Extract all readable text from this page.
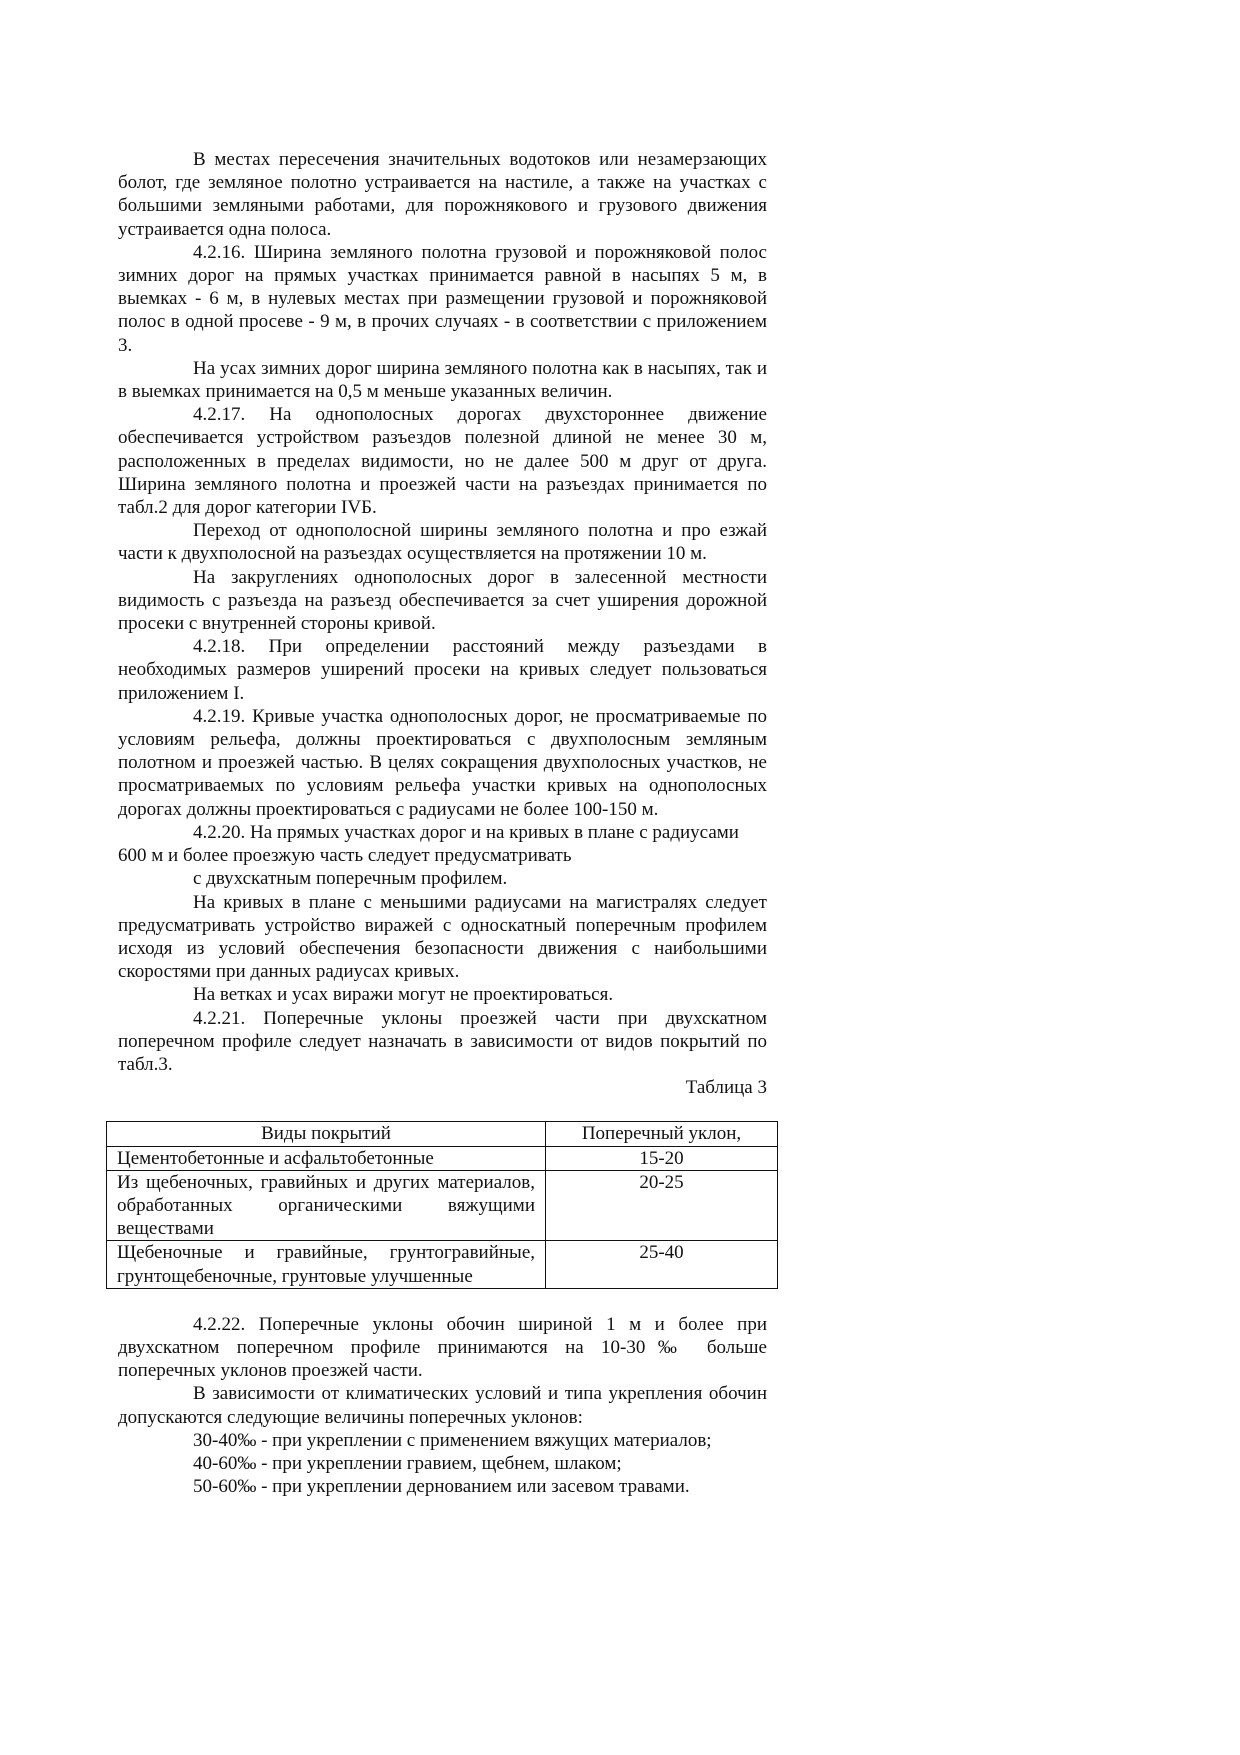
В местах пересечения значительных водотоков или незамерзающих болот, где земляное полотно устраивается на настиле, а также на участках с большими земляными работами, для порожнякового и грузового движения устраивается одна полоса.

4.2.16. Ширина земляного полотна грузовой и порожняковой полос зимних дорог на прямых участках принимается равной в насыпях 5 м, в выемках - 6 м, в нулевых местах при размещении грузовой и порожняковой полос в одной просеве - 9 м, в прочих случаях - в соответствии с приложением 3.

На усах зимних дорог ширина земляного полотна как в насыпях, так и в выемках принимается на 0,5 м меньше указанных величин.

4.2.17. На однополосных дорогах двухстороннее движение обеспечивается устройством разъездов полезной длиной не менее 30 м, расположенных в пределах видимости, но не далее 500 м друг от друга. Ширина земляного полотна и проезжей части на разъездах принимается по табл.2 для дорог категории IVБ.

Переход от однополосной ширины земляного полотна и про езжай части к двухполосной на разъездах осуществляется на протяжении 10 м.

На закруглениях однополосных дорог в залесенной местности видимость с разъезда на разъезд обеспечивается за счет уширения дорожной просеки с внутренней стороны кривой.

4.2.18. При определении расстояний между разъездами в необходимых размеров уширений просеки на кривых следует пользоваться приложением I.

4.2.19. Кривые участка однополосных дорог, не просматриваемые по условиям рельефа, должны проектироваться с двухполосным земляным полотном и проезжей частью. В целях сокращения двухполосных участков, не просматриваемых по условиям рельефа участки кривых на однополосных дорогах должны проектироваться с радиусами не более 100-150 м.

4.2.20. На прямых участках дорог и на кривых в плане с радиусами 600 м и более проезжую часть следует предусматривать

с двухскатным поперечным профилем.

На кривых в плане с меньшими радиусами на магистралях следует предусматривать устройство виражей с односкатный поперечным профилем исходя из условий обеспечения безопасности движения с наибольшими скоростями при данных радиусах кривых.

На ветках и усах виражи могут не проектироваться.

4.2.21. Поперечные уклоны проезжей части при двухскатном поперечном профиле следует назначать в зависимости от видов покрытий по табл.3.

Таблица 3

Виды покрытий	Поперечный уклон,
Цементобетонные и асфальтобетонные	15-20
Из щебеночных, гравийных и других материалов, обработанных органическими вяжущими веществами	20-25
Щебеночные и гравийные, грунтогравийные, грунтощебеночные, грунтовые улучшенные	25-40

4.2.22. Поперечные уклоны обочин шириной 1 м и более при двухскатном поперечном профиле принимаются на 10-30‰ больше поперечных уклонов проезжей части.

В зависимости от климатических условий и типа укрепления обочин допускаются следующие величины поперечных уклонов:

30-40‰ - при укреплении с применением вяжущих материалов;

40-60‰ - при укреплении гравием, щебнем, шлаком;

50-60‰ - при укреплении дернованием или засевом травами.
